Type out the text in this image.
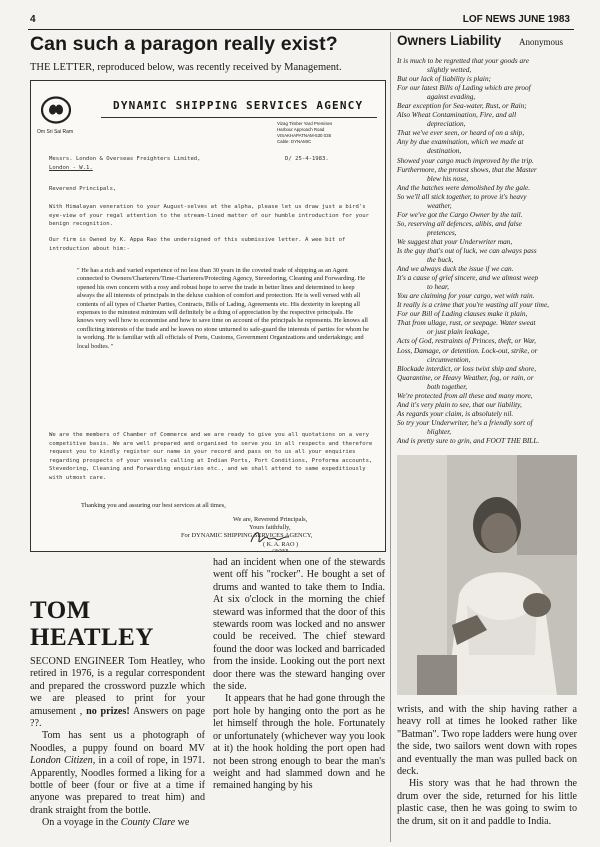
4	LOF NEWS JUNE 1983
Can such a paragon really exist?
THE LETTER, reproduced below, was recently received by Management.
Om Sri Sai Ram
DYNAMIC SHIPPING SERVICES AGENCY
Vizag Timber Yard Premises
Harbour Approach Road
VISAKHAPATNAM-530 035
Cable: DYNAMIC
Messrs. London & Overseas Freighters Limited,
London - W.1.
D/ 25-4-1983.

Reverend Principals,

With Himalayan veneration to your August-selves at the alpha, please let us draw just a bird's eye-view of your regal attention to the stream-lined matter of our humble introduction for your benign recognition.

Our firm is Owned by K. Appa Rao the undersigned of this submissive letter. A wee bit of introduction about him:-

" He has a rich and varied experience of no less than 30 years in the coveted trade of shipping as an Agent connected to Owners/Charterers/Time-Charterers/Protecting Agency, Stevedoring, Cleaning and Forwarding. He opened his own concern with a rosy and robust hope to serve the trade in better lines and determined to keep always the all interests of principals in the deluxe cushion of comfort and protection. He is well versed with all contents of all types of Charter Parties, Contracts, Bills of Lading, Agreements etc. His dexterity in keeping all expenses to the minutest minimum will definitely be a thing of appreciation by the respective principals. He knows very well how to economise and how to save time on account of the principals he represents. He knows all conflicting interests of the trade and he leaves no stone unturned to safe-guard the interests of parties for whom he is working. He is familiar with all officials of Ports, Customs, Government Organizations and undertakings; and local bodies. "

We are the members of Chamber of Commerce and we are ready to give you all quotations on a very competitive basis. We are well prepared and organised to serve you in all respects and therefore request you to kindly register our name in your record and pass on to us all your enquiries regarding prospects of your vessels calling at Indian Ports, Port Conditions, Proforma accounts, Stevedoring, Cleaning and Forwarding enquiries etc., and we shall attend to same expeditiously with utmost care.

Thanking you and assuring our best services at all times,
We are, Reverend Principals,
Yours faithfully,
For DYNAMIC SHIPPING SERVICES AGENCY,
( K. A. RAO )
OWNER
Owners Liability Anonymous
It is much to be regretted that your goods are
slightly wetted,
But our lack of liability is plain;
For our latest Bills of Lading which are proof
against evading,
Bear exception for Sea-water, Rust, or Rain;
Also Wheat Contamination, Fire, and all
depreciation,
That we've ever seen, or heard of on a ship,
Any by due examination, which we made at
destination,
Showed your cargo much improved by the trip.
Furthermore, the protest shows, that the Master
blew his nose,
And the hatches were demolished by the gale.
So we'll all stick together, to prove it's heavy
weather,
For we've got the Cargo Owner by the tail.
So, reserving all defences, alibis, and false
pretences,
We suggest that your Underwriter man,
Is the guy that's out of luck, we can always pass
the buck,
And we always duck the issue if we can.
It's a cause of grief sincere, and we almost weep
to hear,
You are claiming for your cargo, wet with rain.
It really is a crime that you're wasting all your time,
For our Bill of Lading clauses make it plain,
That from ullage, rust, or seepage. Water sweat
or just plain leakage,
Acts of God, restraints of Princes, theft, or War,
Loss, Damage, or detention. Lock-out, strike, or
circumvention,
Blockade interdict, or loss twixt ship and shore,
Quarantine, or Heavy Weather, fog, or rain, or
both together,
We're protected from all these and many more,
And it's very plain to see, that our liability,
As regards your claim, is absolutely nil.
So try your Underwriter, he's a friendly sort of
blighter,
And is pretty sure to grin, and FOOT THE BILL.
TOM
HEATLEY

SECOND ENGINEER Tom Heatley, who retired in 1976, is a regular correspondent and prepared the crossword puzzle which we are pleased to print for your amusement , no prizes! Answers on page ??.

Tom has sent us a photograph of Noodles, a puppy found on board MV London Citizen, in a coil of rope, in 1971. Apparently, Noodles formed a liking for a bottle of beer (four or five at a time if anyone was prepared to treat him) and drank straight from the bottle.

On a voyage in the County Clare we

had an incident when one of the stewards went off his "rocker". He bought a set of drums and wanted to take them to India. At six o'clock in the morning the chief steward was informed that the door of this stewards room was locked and no answer could be received. The chief steward found the door was locked and barricaded from the inside. Looking out the port next door there was the steward hanging over the side.

It appears that he had gone through the port hole by hanging onto the port as he let himself through the hole. Fortunately or unfortunately (whichever way you look at it) the hook holding the port open had not been strong enough to bear the man's weight and had slammed down and he remained hanging by his

wrists, and with the ship having rather a heavy roll at times he looked rather like "Batman". Two rope ladders were hung over the side, two sailors went down with ropes and eventually the man was pulled back on deck.

His story was that he had thrown the drum over the side, returned for his little plastic case, then he was going to swim to the drum, sit on it and paddle to India.
